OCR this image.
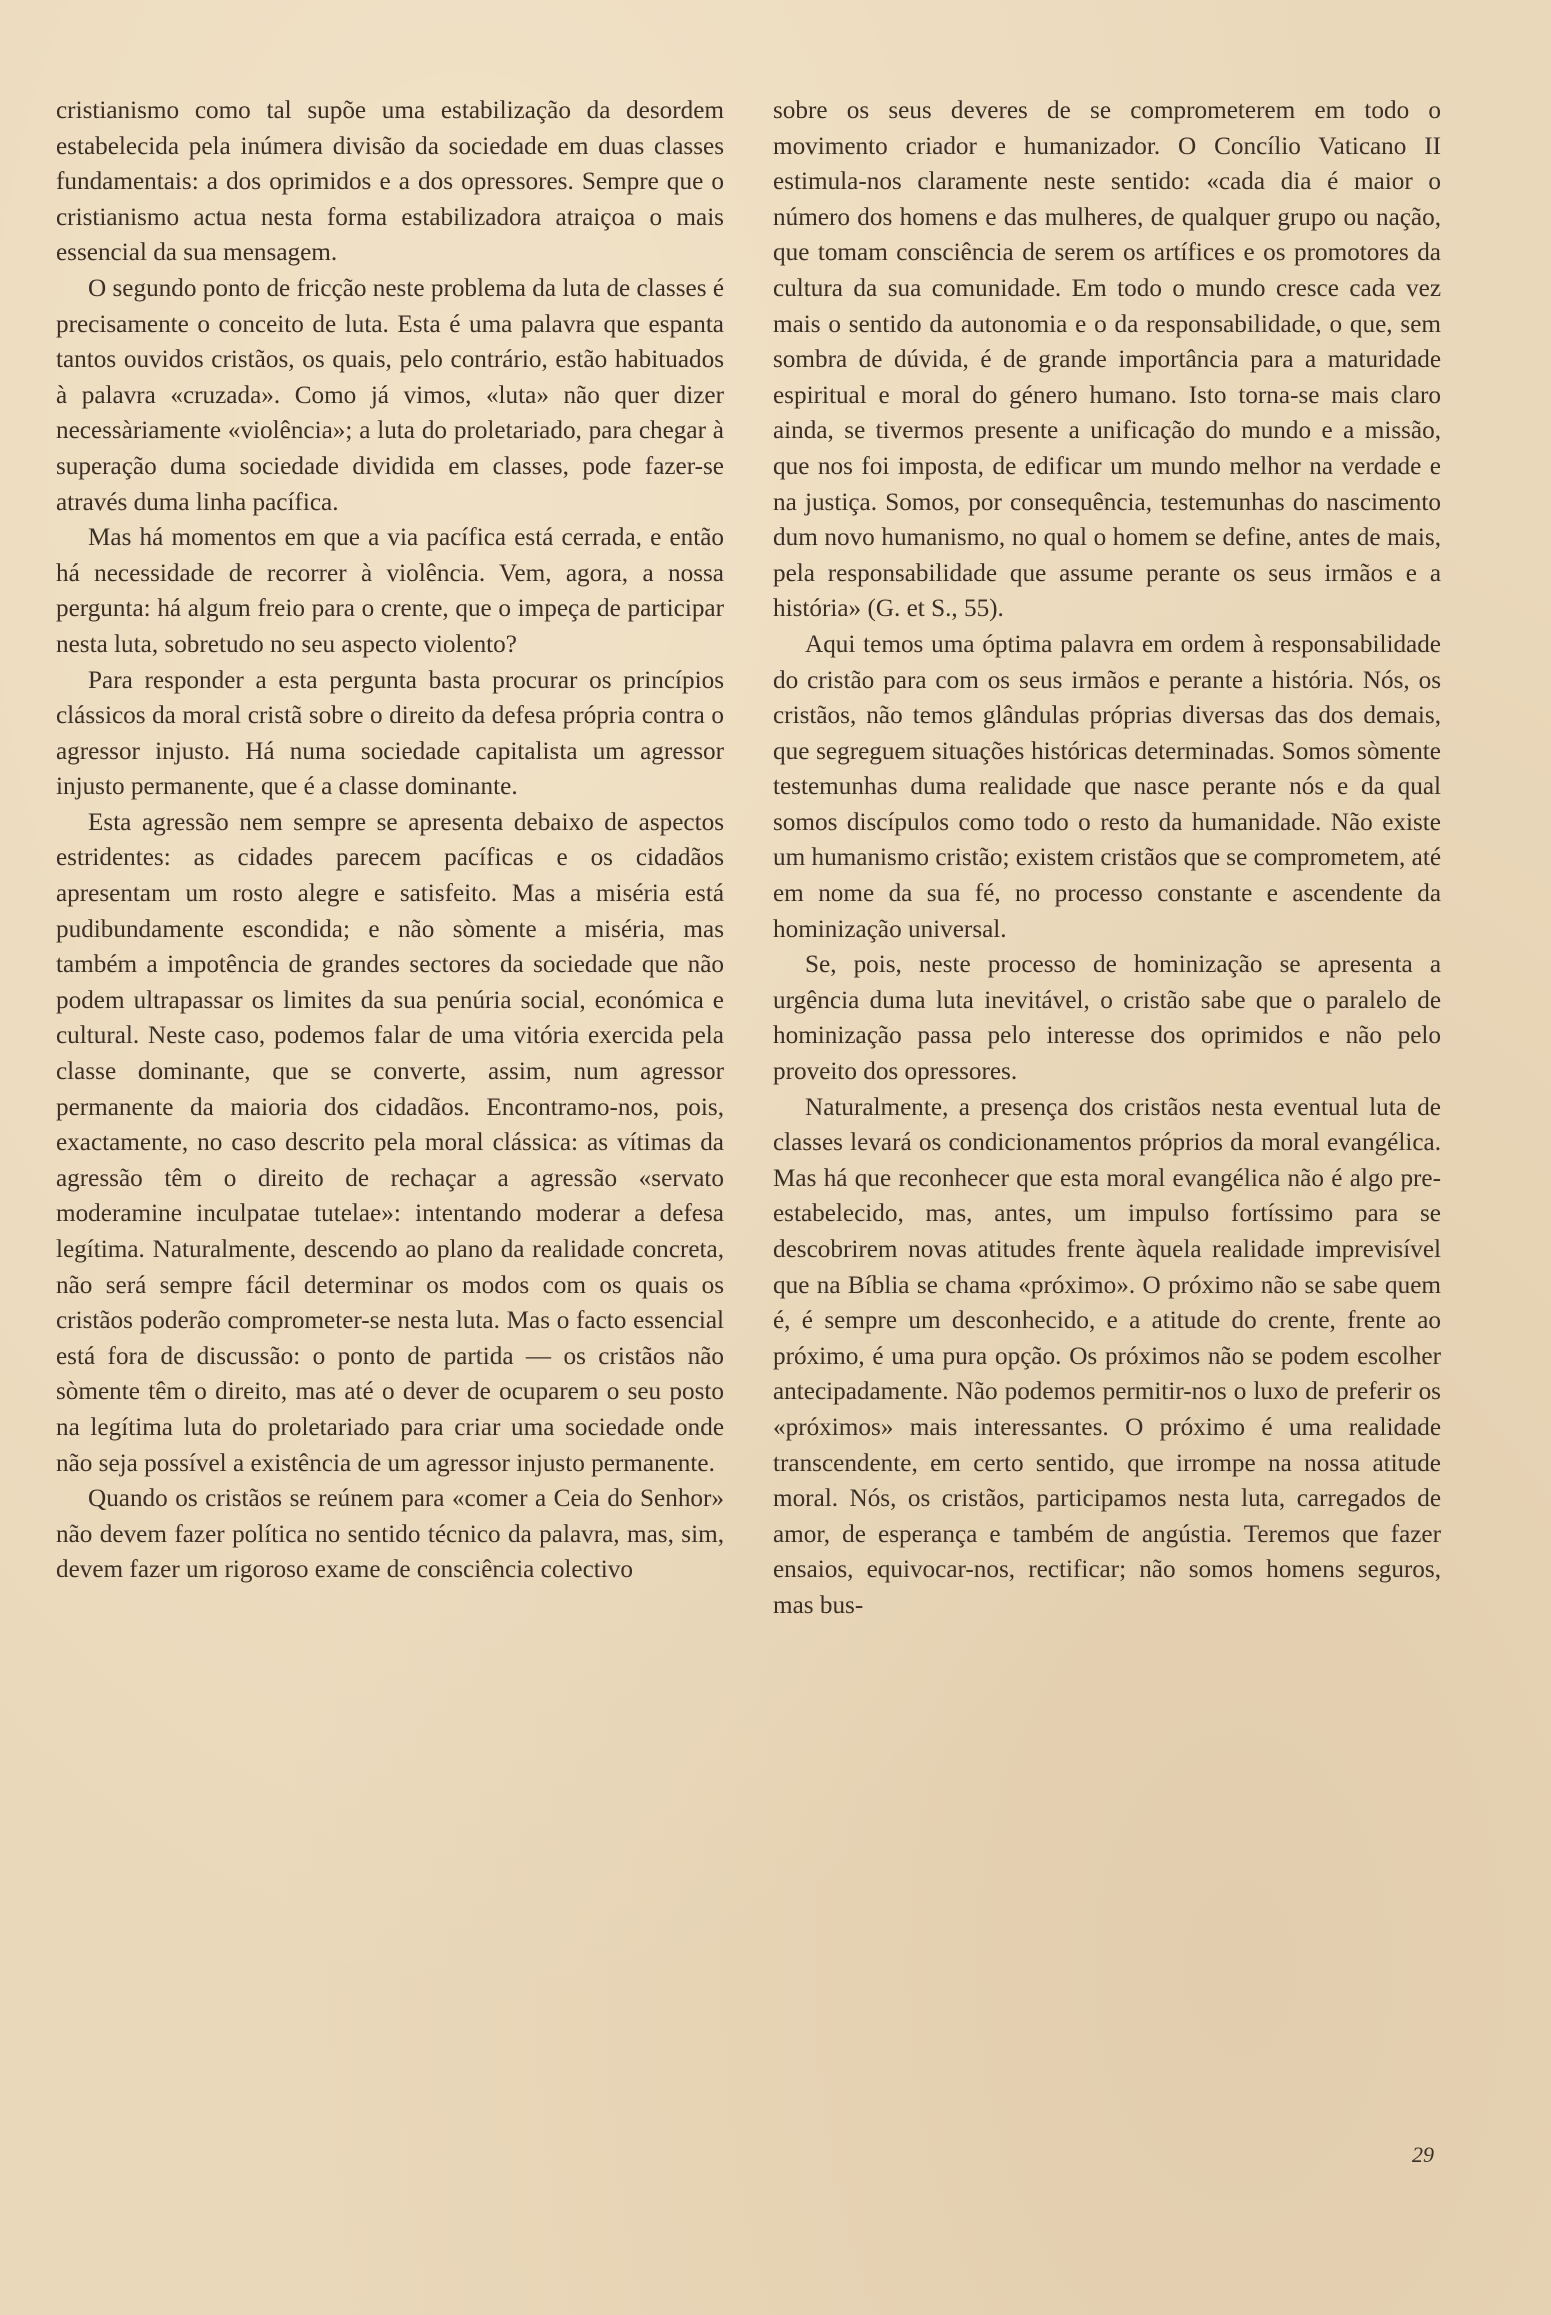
cristianismo como tal supõe uma estabilização da desordem estabelecida pela inúmera divisão da sociedade em duas classes fundamentais: a dos oprimidos e a dos opressores. Sempre que o cristianismo actua nesta forma estabilizadora atraiçoa o mais essencial da sua mensagem.

O segundo ponto de fricção neste problema da luta de classes é precisamente o conceito de luta. Esta é uma palavra que espanta tantos ouvidos cristãos, os quais, pelo contrário, estão habituados à palavra «cruzada». Como já vimos, «luta» não quer dizer necessàriamente «violência»; a luta do proletariado, para chegar à superação duma sociedade dividida em classes, pode fazer-se através duma linha pacífica.

Mas há momentos em que a via pacífica está cerrada, e então há necessidade de recorrer à violência. Vem, agora, a nossa pergunta: há algum freio para o crente, que o impeça de participar nesta luta, sobretudo no seu aspecto violento?

Para responder a esta pergunta basta procurar os princípios clássicos da moral cristã sobre o direito da defesa própria contra o agressor injusto. Há numa sociedade capitalista um agressor injusto permanente, que é a classe dominante.

Esta agressão nem sempre se apresenta debaixo de aspectos estridentes: as cidades parecem pacíficas e os cidadãos apresentam um rosto alegre e satisfeito. Mas a miséria está pudibundamente escondida; e não sòmente a miséria, mas também a impotência de grandes sectores da sociedade que não podem ultrapassar os limites da sua penúria social, económica e cultural. Neste caso, podemos falar de uma vitória exercida pela classe dominante, que se converte, assim, num agressor permanente da maioria dos cidadãos. Encontramo-nos, pois, exactamente, no caso descrito pela moral clássica: as vítimas da agressão têm o direito de rechaçar a agressão «servato moderamine inculpatae tutelae»: intentando moderar a defesa legítima. Naturalmente, descendo ao plano da realidade concreta, não será sempre fácil determinar os modos com os quais os cristãos poderão comprometer-se nesta luta. Mas o facto essencial está fora de discussão: o ponto de partida — os cristãos não sòmente têm o direito, mas até o dever de ocuparem o seu posto na legítima luta do proletariado para criar uma sociedade onde não seja possível a existência de um agressor injusto permanente.

Quando os cristãos se reúnem para «comer a Ceia do Senhor» não devem fazer política no sentido técnico da palavra, mas, sim, devem fazer um rigoroso exame de consciência colectivo

sobre os seus deveres de se comprometerem em todo o movimento criador e humanizador. O Concílio Vaticano II estimula-nos claramente neste sentido: «cada dia é maior o número dos homens e das mulheres, de qualquer grupo ou nação, que tomam consciência de serem os artífices e os promotores da cultura da sua comunidade. Em todo o mundo cresce cada vez mais o sentido da autonomia e o da responsabilidade, o que, sem sombra de dúvida, é de grande importância para a maturidade espiritual e moral do género humano. Isto torna-se mais claro ainda, se tivermos presente a unificação do mundo e a missão, que nos foi imposta, de edificar um mundo melhor na verdade e na justiça. Somos, por consequência, testemunhas do nascimento dum novo humanismo, no qual o homem se define, antes de mais, pela responsabilidade que assume perante os seus irmãos e a história» (G. et S., 55).

Aqui temos uma óptima palavra em ordem à responsabilidade do cristão para com os seus irmãos e perante a história. Nós, os cristãos, não temos glândulas próprias diversas das dos demais, que segreguem situações históricas determinadas. Somos sòmente testemunhas duma realidade que nasce perante nós e da qual somos discípulos como todo o resto da humanidade. Não existe um humanismo cristão; existem cristãos que se comprometem, até em nome da sua fé, no processo constante e ascendente da hominização universal.

Se, pois, neste processo de hominização se apresenta a urgência duma luta inevitável, o cristão sabe que o paralelo de hominização passa pelo interesse dos oprimidos e não pelo proveito dos opressores.

Naturalmente, a presença dos cristãos nesta eventual luta de classes levará os condicionamentos próprios da moral evangélica. Mas há que reconhecer que esta moral evangélica não é algo pre-estabelecido, mas, antes, um impulso fortíssimo para se descobrirem novas atitudes frente àquela realidade imprevisível que na Bíblia se chama «próximo». O próximo não se sabe quem é, é sempre um desconhecido, e a atitude do crente, frente ao próximo, é uma pura opção. Os próximos não se podem escolher antecipadamente. Não podemos permitir-nos o luxo de preferir os «próximos» mais interessantes. O próximo é uma realidade transcendente, em certo sentido, que irrompe na nossa atitude moral. Nós, os cristãos, participamos nesta luta, carregados de amor, de esperança e também de angústia. Teremos que fazer ensaios, equivocar-nos, rectificar; não somos homens seguros, mas bus-

29
